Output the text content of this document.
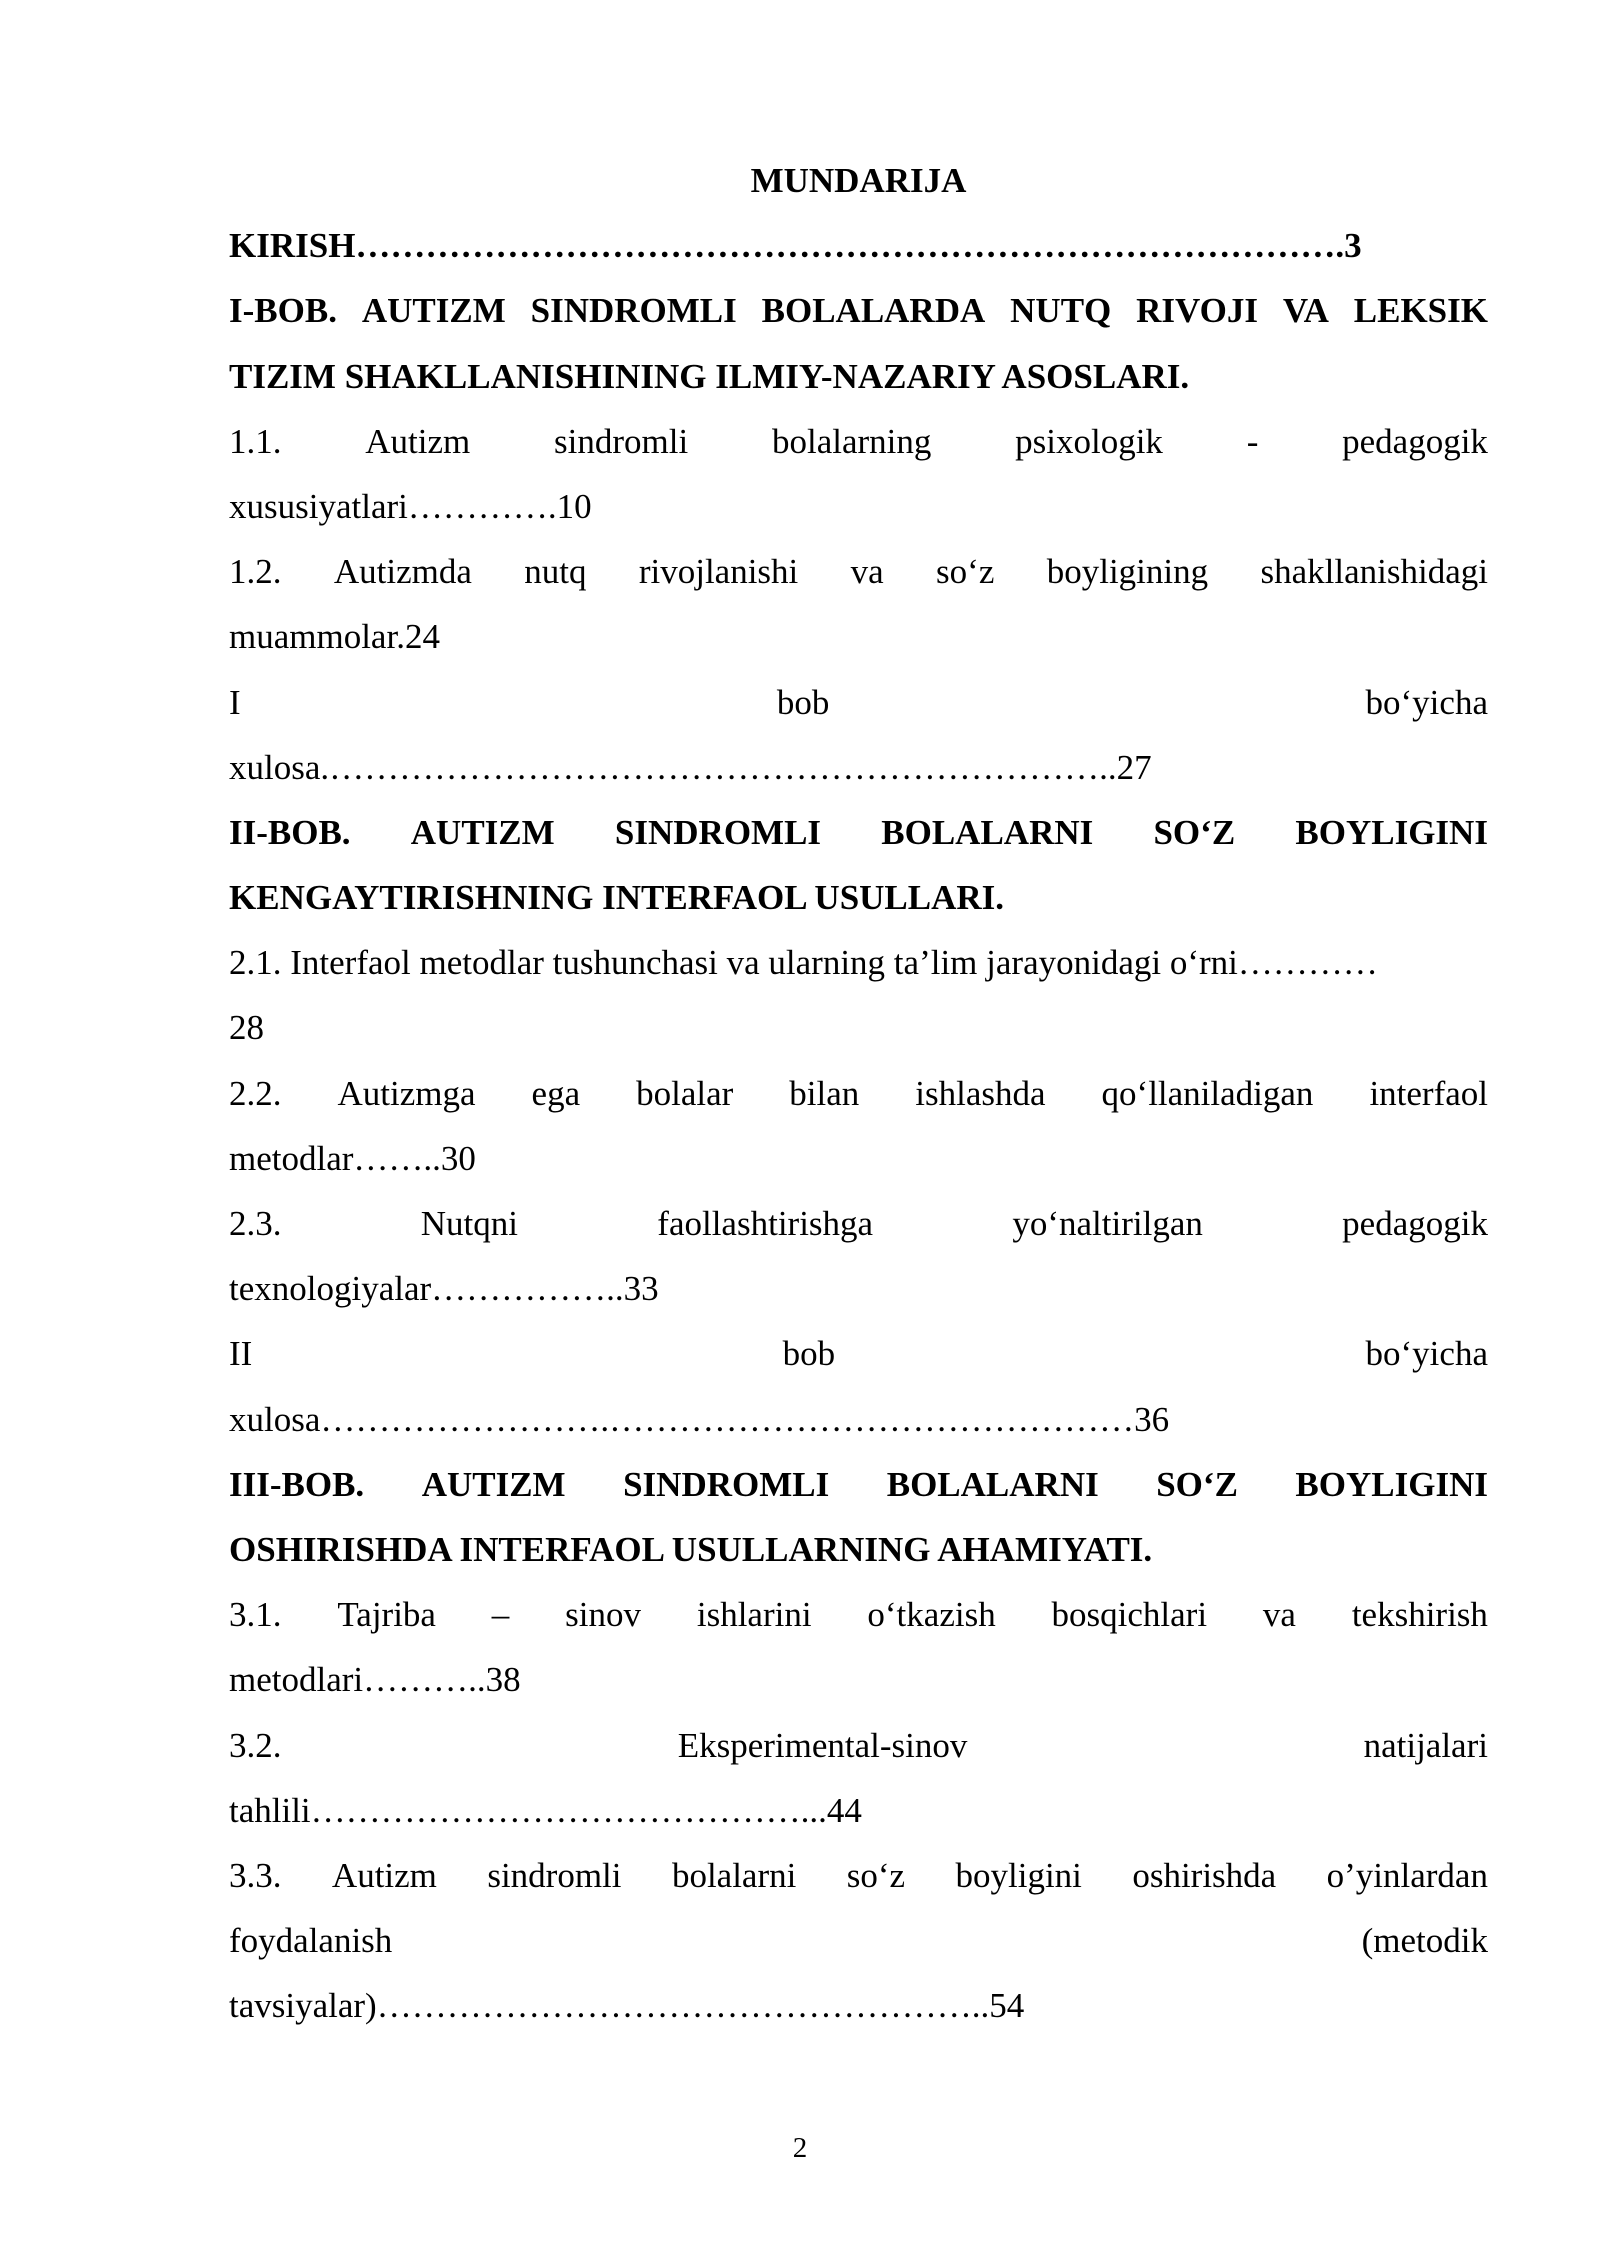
MUNDARIJA
KIRISH………………………………………………………………………….3
I-BOB. AUTIZM SINDROMLI BOLALARDA NUTQ RIVOJI VA LEKSIK
TIZIM SHAKLLANISHINING ILMIY-NAZARIY ASOSLARI.
1.1. Autizm sindromli bolalarning psixologik - pedagogik
xususiyatlari………….10
1.2. Autizmda nutq rivojlanishi va so‘z boyligining shakllanishidagi
muammolar.24
I	bob	bo‘yicha
xulosa.…………………………………………………………..27
II-BOB. AUTIZM SINDROMLI BOLALARNI SO‘Z BOYLIGINI
KENGAYTIRISHNING INTERFAOL USULLARI.
2.1. Interfaol metodlar tushunchasi va ularning ta’lim jarayonidagi o‘rni…………
28
2.2. Autizmga ega bolalar bilan ishlashda qo‘llaniladigan interfaol
metodlar……..30
2.3.	Nutqni	faollashtirishga	yo‘naltirilgan	pedagogik
texnologiyalar……………..33
II	bob	bo‘yicha
xulosa…………………….………………………………………36
III-BOB. AUTIZM SINDROMLI BOLALARNI SO‘Z BOYLIGINI
OSHIRISHDA INTERFAOL USULLARNING AHAMIYATI.
3.1. Tajriba – sinov ishlarini o‘tkazish bosqichlari va tekshirish
metodlari………..38
3.2.	Eksperimental-sinov	natijalari
tahlili……………………………………...44
3.3. Autizm sindromli bolalarni so‘z boyligini oshirishda o’yinlardan
foydalanish	(metodik
tavsiyalar)……………………………………………..54
2
